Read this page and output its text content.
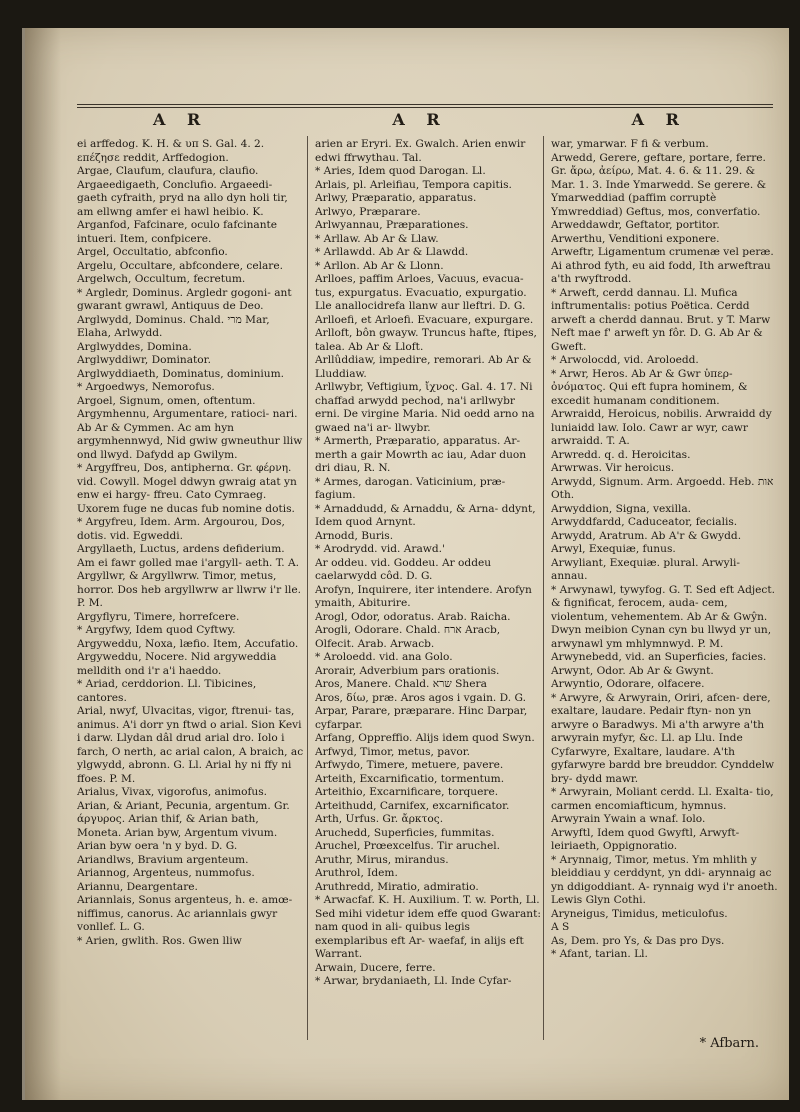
A R	A R	A R
ei arffedog. K. H. & υπ S. Gal. 4. 2. επέζησε reddit, Arffedogion.
Argae, Claufum, claufura, claufio.
Argaeedigaeth, Conclufio. Argaeedi- gaeth cyfraith, pryd na allo dyn holi tir, am ellwng amfer ei hawl heibio. K.
Arganfod, Fafcinare, oculo fafcinante intueri. Item, confpicere.
Argel, Occultatio, abfconfio.
Argelu, Occultare, abfcondere, celare.
Argelwch, Occultum, fecretum.
* Argledr, Dominus. Argledr gogoni- ant gwarant gwrawl, Antiquus de Deo.
Arglwydd, Dominus. Chald. מרי Mar, Elaha, Arlwydd.
Arglwyddes, Domina.
Arglwyddiwr, Dominator.
Arglwyddiaeth, Dominatus, dominium.
* Argoedwys, Nemorofus.
Argoel, Signum, omen, oftentum.
Argymhennu, Argumentare, ratioci- nari. Ab Ar & Cymmen. Ac am hyn argymhennwyd, Nid gwiw gwneuthur lliw ond llwyd. Dafydd ap Gwilym.
* Argyffreu, Dos, antiphernα. Gr. φέρνη. vid. Cowyll. Mogel ddwyn gwraig atat yn enw ei hargy- ffreu. Cato Cymraeg. Uxorem fuge ne ducas fub nomine dotis.
* Argyfreu, Idem. Arm. Argourou, Dos, dotis. vid. Egweddi.
Argyllaeth, Luctus, ardens defiderium. Am ei fawr golled mae i'argyll- aeth. T. A.
Argyllwr, & Argyllwrw. Timor, metus, horror. Dos heb argyllwrw ar llwrw i'r lle. P. M.
Argyflyru, Timere, horrefcere.
* Argyfwy, Idem quod Cyftwy.
Argyweddu, Noxa, læfio. Item, Accufatio.
Argyweddu, Nocere. Nid argyweddia melldith ond i'r a'i haeddo.
* Ariad, cerddorion. Ll. Tibicines, cantores.
Arial, nwyf, Ulvacitas, vigor, ftrenui- tas, animus. A'i dorr yn ftwd o arial. Sion Kevi i darw. Llydan dâl drud arial dro. Iolo i farch, O nerth, ac arial calon, A braich, ac ylgwydd, abronn. G. Ll. Arial hy ni ffy ni ffoes. P. M.
Arialus, Vivax, vigorofus, animofus.
Arian, & Ariant, Pecunia, argentum. Gr. άργυρος. Arian thif, & Arian bath, Moneta. Arian byw, Argentum vivum. Arian byw oera 'n y byd. D. G.
Ariandlws, Bravium argenteum.
Ariannog, Argenteus, nummofus.
Ariannu, Deargentare.
Ariannlais, Sonus argenteus, h. e. amœ- niffimus, canorus. Ac ariannlais gwyr vonllef. L. G.
* Arien, gwlith. Ros. Gwen lliw
arien ar Eryri. Ex. Gwalch. Arien enwir edwi ffrwythau. Tal.
* Aries, Idem quod Darogan. Ll.
Arlais, pl. Arleifiau, Tempora capitis.
Arlwy, Præparatio, apparatus.
Arlwyo, Præparare.
Arlwyannau, Præparationes.
* Arllaw. Ab Ar & Llaw.
* Arllawdd. Ab Ar & Llawdd.
* Arllon. Ab Ar & Llonn.
Arlloes, paffim Arloes, Vacuus, evacua- tus, expurgatus. Evacuatio, expurgatio. Lle anallocidrefa llanw aur lleftri. D. G.
Arlloefi, et Arloefi. Evacuare, expurgare.
Arlloft, bôn gwayw. Truncus hafte, ftipes, talea. Ab Ar & Lloft.
Arllûddiaw, impedire, remorari. Ab Ar & Lluddiaw.
Arllwybr, Veftigium, ἴχνος. Gal. 4. 17. Ni chaffad arwydd pechod, na'i arllwybr erni. De virgine Maria. Nid oedd arno na gwaed na'i ar- llwybr.
* Armerth, Præparatio, apparatus. Ar- merth a gair Mowrth ac iau, Adar duon dri diau, R. N.
* Armes, darogan. Vaticinium, præ- fagium.
* Arnaddudd, & Arnaddu, & Arna- ddynt, Idem quod Arnynt.
Arnodd, Buris.
* Arodrydd. vid. Arawd.'
Ar oddeu. vid. Goddeu. Ar oddeu caelarwydd côd. D. G.
Arofyn, Inquirere, iter intendere. Arofyn ymaith, Abiturire.
Arogl, Odor, odoratus. Arab. Raicha.
Arogli, Odorare. Chald. ארח Aracb, Olfecit. Arab. Arwacb.
* Aroloedd. vid. ana Golo.
Arorair, Adverbium pars orationis.
Aros, Manere. Chald. שרא Shera
Aros, δίω, præ. Aros agos i vgain. D. G.
Arpar, Parare, præparare. Hinc Darpar, cyfarpar.
Arfang, Oppreffio. Alijs idem quod Swyn.
Arfwyd, Timor, metus, pavor.
Arfwydo, Timere, metuere, pavere.
Arteith, Excarnificatio, tormentum.
Arteithio, Excarnificare, torquere.
Arteithudd, Carnifex, excarnificator.
Arth, Urfus. Gr. ἄρκτος.
Aruchedd, Superficies, fummitas.
Aruchel, Prœexcelfus. Tir aruchel.
Aruthr, Mirus, mirandus.
Aruthrol, Idem.
Aruthredd, Miratio, admiratio.
* Arwacfaf. K. H. Auxilium. T. w. Porth, Ll. Sed mihi videtur idem effe quod Gwarant: nam quod in ali- quibus legis exemplaribus eft Ar- waefaf, in alijs eft Warrant.
Arwain, Ducere, ferre.
* Arwar, brydaniaeth, Ll. Inde Cyfar-
war, ymarwar. F fi & verbum.
Arwedd, Gerere, geftare, portare, ferre. Gr. ἄρω, ἀείρω, Mat. 4. 6. & 11. 29. & Mar. 1. 3. Inde Ymarwedd. Se gerere. & Ymarweddiad (paffim corruptè Ymwreddiad) Geftus, mos, converfatio.
Arweddawdr, Geftator, portitor.
Arwerthu, Venditioni exponere.
Arweftr, Ligamentum crumenæ vel peræ. Ai athrod fyth, eu aid fodd, Ith arweftrau a'th rwyftrodd.
* Arweft, cerdd dannau. Ll. Mufica inftrumentalis: potius Poëtica. Cerdd arweft a cherdd dannau. Brut. y T. Marw Neft mae f' arweft yn fôr. D. G. Ab Ar & Gweft.
* Arwolocdd, vid. Aroloedd.
* Arwr, Heros. Ab Ar & Gwr ὑπερ- ὀνόματος. Qui eft fupra hominem, & excedit humanam conditionem.
Arwraidd, Heroicus, nobilis. Arwraidd dy luniaidd law. Iolo. Cawr ar wyr, cawr arwraidd. T. A.
Arwredd. q. d. Heroicitas.
Arwrwas. Vir heroicus.
Arwydd, Signum. Arm. Argoedd. Heb. אות Oth.
Arwyddion, Signa, vexilla.
Arwyddfardd, Caduceator, fecialis.
Arwydd, Aratrum. Ab A'r & Gwydd.
Arwyl, Exequiæ, funus.
Arwyliant, Exequiæ. plural. Arwyli- annau.
* Arwynawl, tywyfog. G. T. Sed eft Adject. & fignificat, ferocem, auda- cem, violentum, vehementem. Ab Ar & Gwŷn. Dwyn meibion Cynan cyn bu llwyd yr un, arwynawl ym mhlymnwyd. P. M.
Arwynebedd, vid. an Superficies, facies.
Arwynt, Odor. Ab Ar & Gwynt.
Arwyntio, Odorare, olfacere.
* Arwyre, & Arwyrain, Oriri, afcen- dere, exaltare, laudare. Pedair ftyn- non yn arwyre o Baradwys. Mi a'th arwyre a'th arwyrain myfyr, &c. Ll. ap Llu. Inde Cyfarwyre, Exaltare, laudare. A'th gyfarwyre bardd bre breuddor. Cynddelw bry- dydd mawr.
* Arwyrain, Moliant cerdd. Ll. Exalta- tio, carmen encomiafticum, hymnus. Arwyrain Ywain a wnaf. Iolo.
Arwyftl, Idem quod Gwyftl, Arwyft- leiriaeth, Oppignoratio.
* Arynnaig, Timor, metus. Ym mhlith y bleiddiau y cerddynt, yn ddi- arynnaig ac yn ddigoddiant. A- rynnaig wyd i'r anoeth. Lewis Glyn Cothi.
Aryneigus, Timidus, meticulofus.
A S
As, Dem. pro Ys, & Das pro Dys.
* Afant, tarian. Ll.
* Afbarn.
